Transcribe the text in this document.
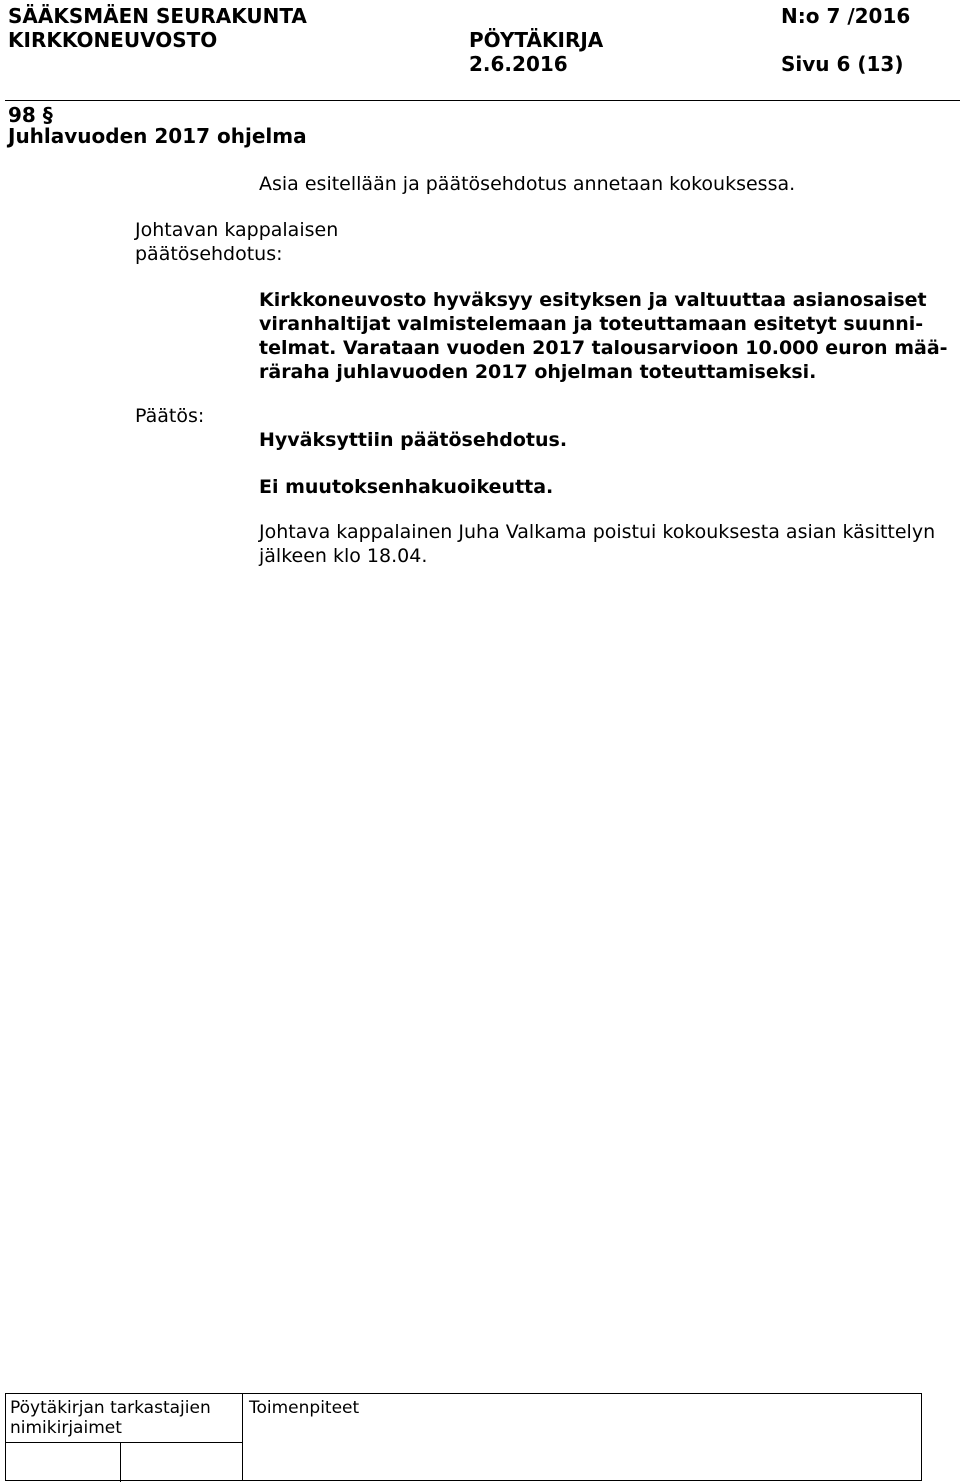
SÄÄKSMÄEN SEURAKUNTA
KIRKKONEUVOSTO	PÖYTÄKIRJA
2.6.2016
N:o 7 /2016
Sivu 6 (13)
98 §
Juhlavuoden 2017 ohjelma
Asia esitellään ja päätösehdotus annetaan kokouksessa.
Johtavan kappalaisen
päätösehdotus:
Kirkkoneuvosto hyväksyy esityksen ja valtuuttaa asianosaiset
viranhaltijat valmistelemaan ja toteuttamaan esitetyt suunni-
telmat. Varataan vuoden 2017 talousarvioon 10.000 euron mää-
räraha juhlavuoden 2017 ohjelman toteuttamiseksi.
Päätös:
Hyväksyttiin päätösehdotus.
Ei muutoksenhakuoikeutta.
Johtava kappalainen Juha Valkama poistui kokouksesta asian käsittelyn
jälkeen klo 18.04.
Pöytäkirjan tarkastajien
nimikirjaimet
Toimenpiteet
